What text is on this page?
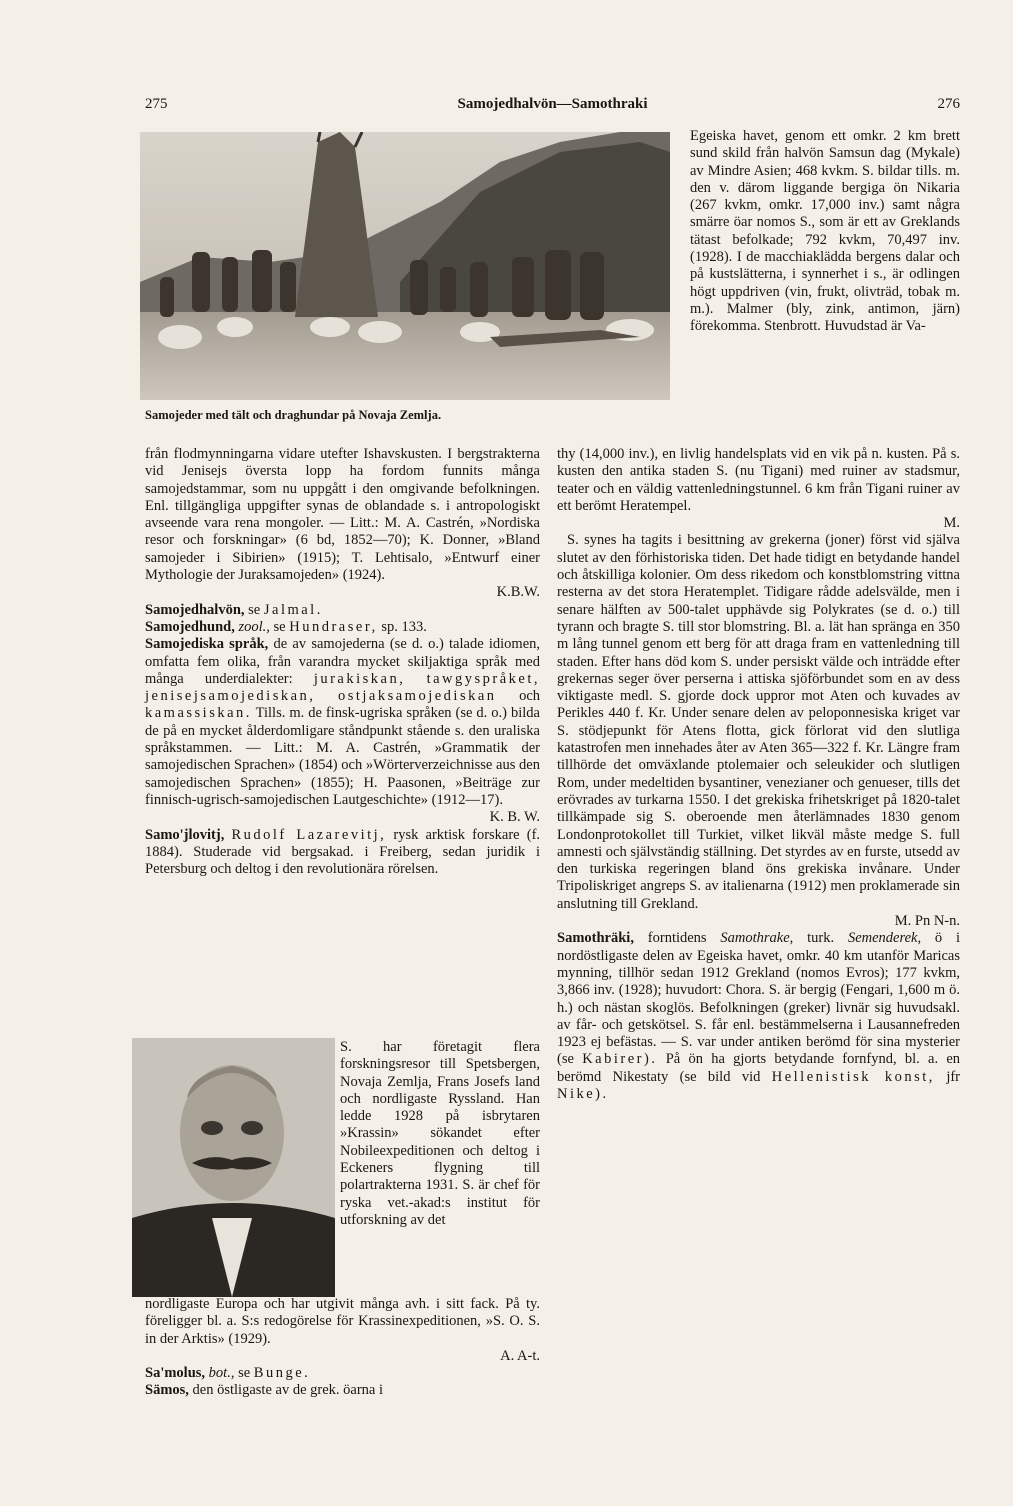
275	Samojedhalvön—Samothraki	276
Samojeder med tält och draghundar på Novaja Zemlja.

Egeiska havet, genom ett omkr. 2 km brett sund skild från halvön Samsun dag (Mykale) av Mindre Asien; 468 kvkm. S. bildar tills. m. den v. därom liggande bergiga ön Nikaria (267 kvkm, omkr. 17,000 inv.) samt några smärre öar nomos S., som är ett av Greklands tätast befolkade; 792 kvkm, 70,497 inv. (1928). I de macchiaklädda bergens dalar och på kustslätterna, i synnerhet i s., är odlingen högt uppdriven (vin, frukt, olivträd, tobak m. m.). Malmer (bly, zink, antimon, järn) förekomma. Stenbrott. Huvudstad är Va-

från flodmynningarna vidare utefter Ishavskusten. I bergstrakterna vid Jenisejs översta lopp ha fordom funnits många samojedstammar, som nu uppgått i den omgivande befolkningen. Enl. tillgängliga uppgifter synas de oblandade s. i antropologiskt avseende vara rena mongoler. — Litt.: M. A. Castrén, »Nordiska resor och forskningar» (6 bd, 1852—70); K. Donner, »Bland samojeder i Sibirien» (1915); T. Lehtisalo, »Entwurf einer Mythologie der Juraksamojeden» (1924).
K.B.W.

Samojedhalvön, se Jalmal.

Samojedhund, zool., se Hundraser, sp. 133.

Samojediska språk, de av samojederna (se d. o.) talade idiomen, omfatta fem olika, från varandra mycket skiljaktiga språk med många underdialekter: jurakiskan, tawgyspråket, jenisejsamojediskan, ostjaksamojediskan och kamassiskan. Tills. m. de finsk-ugriska språken (se d. o.) bilda de på en mycket ålderdomligare ståndpunkt stående s. den uraliska språkstammen. — Litt.: M. A. Castrén, »Grammatik der samojedischen Sprachen» (1854) och »Wörterverzeichnisse aus den samojedischen Sprachen» (1855); H. Paasonen, »Beiträge zur finnisch-ugrisch-samojedischen Lautgeschichte» (1912—17).
K. B. W.

Samo'jlovitj, Rudolf Lazarevitj, rysk arktisk forskare (f. 1884). Studerade vid bergsakad. i Freiberg, sedan juridik i Petersburg och deltog i den revolutionära rörelsen.

S. har företagit flera forskningsresor till Spetsbergen, Novaja Zemlja, Frans Josefs land och nordligaste Ryssland. Han ledde 1928 på isbrytaren »Krassin» sökandet efter Nobileexpeditionen och deltog i Eckeners flygning till polartrakterna 1931. S. är chef för ryska vet.-akad:s institut för utforskning av det

nordligaste Europa och har utgivit många avh. i sitt fack. På ty. föreligger bl. a. S:s redogörelse för Krassinexpeditionen, »S. O. S. in der Arktis» (1929).
A. A-t.

Sa'molus, bot., se Bunge.

Sämos, den östligaste av de grek. öarna i

thy (14,000 inv.), en livlig handelsplats vid en vik på n. kusten. På s. kusten den antika staden S. (nu Tigani) med ruiner av stadsmur, teater och en väldig vattenledningstunnel. 6 km från Tigani ruiner av ett berömt Heratempel.
M.

S. synes ha tagits i besittning av grekerna (joner) först vid själva slutet av den förhistoriska tiden. Det hade tidigt en betydande handel och åtskilliga kolonier. Om dess rikedom och konstblomstring vittna resterna av det stora Heratemplet. Tidigare rådde adelsvälde, men i senare hälften av 500-talet upphävde sig Polykrates (se d. o.) till tyrann och bragte S. till stor blomstring. Bl. a. lät han spränga en 350 m lång tunnel genom ett berg för att draga fram en vattenledning till staden. Efter hans död kom S. under persiskt välde och inträdde efter grekernas seger över perserna i attiska sjöförbundet som en av dess viktigaste medl. S. gjorde dock uppror mot Aten och kuvades av Perikles 440 f. Kr. Under senare delen av peloponnesiska kriget var S. stödjepunkt för Atens flotta, gick förlorat vid den slutliga katastrofen men innehades åter av Aten 365—322 f. Kr. Längre fram tillhörde det omväxlande ptolemaier och seleukider och slutligen Rom, under medeltiden bysantiner, venezianer och genueser, tills det erövrades av turkarna 1550. I det grekiska frihetskriget på 1820-talet tillkämpade sig S. oberoende men återlämnades 1830 genom Londonprotokollet till Turkiet, vilket likväl måste medge S. full amnesti och självständig ställning. Det styrdes av en furste, utsedd av den turkiska regeringen bland öns grekiska invånare. Under Tripoliskriget angreps S. av italienarna (1912) men proklamerade sin anslutning till Grekland.
M. Pn N-n.

Samothräki, forntidens Samothrake, turk. Semenderek, ö i nordöstligaste delen av Egeiska havet, omkr. 40 km utanför Maricas mynning, tillhör sedan 1912 Grekland (nomos Evros); 177 kvkm, 3,866 inv. (1928); huvudort: Chora. S. är bergig (Fengari, 1,600 m ö. h.) och nästan skoglös. Befolkningen (greker) livnär sig huvudsakl. av får- och getskötsel. S. får enl. bestämmelserna i Lausannefreden 1923 ej befästas. — S. var under antiken berömd för sina mysterier (se Kabirer). På ön ha gjorts betydande fornfynd, bl. a. en berömd Nikestaty (se bild vid Hellenistisk konst, jfr Nike).
